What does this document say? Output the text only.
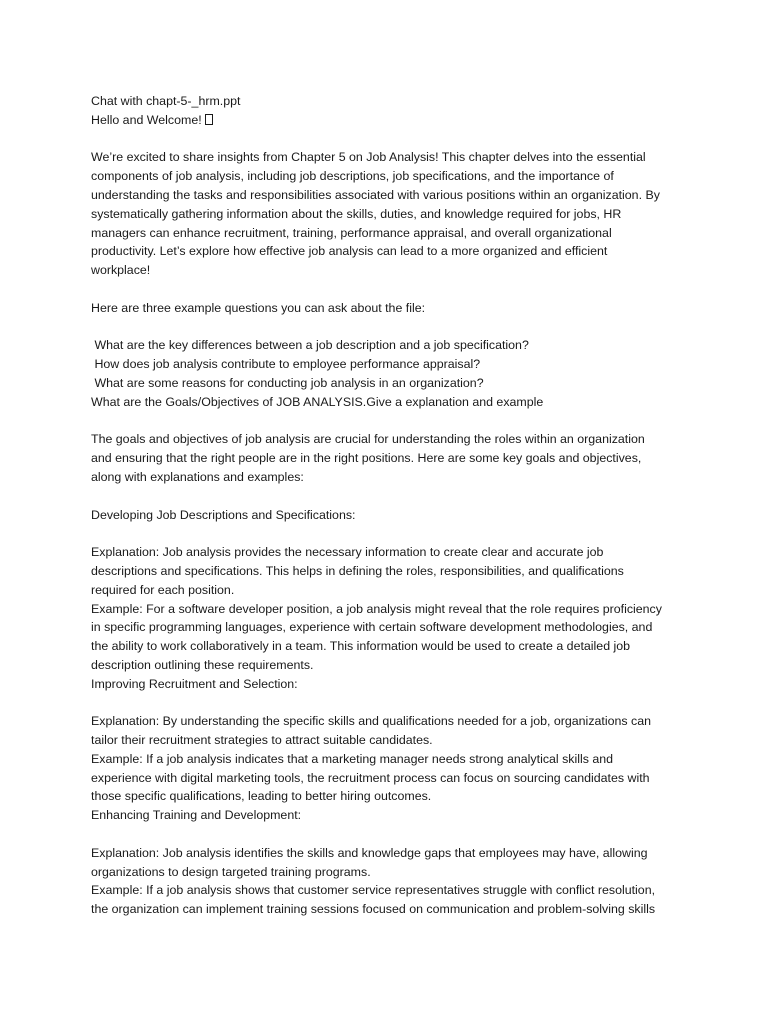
Chat with chapt-5-_hrm.ppt
Hello and Welcome!
We’re excited to share insights from Chapter 5 on Job Analysis! This chapter delves into the essential
components of job analysis, including job descriptions, job specifications, and the importance of
understanding the tasks and responsibilities associated with various positions within an organization. By
systematically gathering information about the skills, duties, and knowledge required for jobs, HR
managers can enhance recruitment, training, performance appraisal, and overall organizational
productivity. Let’s explore how effective job analysis can lead to a more organized and efficient
workplace!
Here are three example questions you can ask about the file:
What are the key differences between a job description and a job specification?
How does job analysis contribute to employee performance appraisal?
What are some reasons for conducting job analysis in an organization?
What are the Goals/Objectives of JOB ANALYSIS.Give a explanation and example
The goals and objectives of job analysis are crucial for understanding the roles within an organization
and ensuring that the right people are in the right positions. Here are some key goals and objectives,
along with explanations and examples:
Developing Job Descriptions and Specifications:
Explanation: Job analysis provides the necessary information to create clear and accurate job
descriptions and specifications. This helps in defining the roles, responsibilities, and qualifications
required for each position.
Example: For a software developer position, a job analysis might reveal that the role requires proficiency
in specific programming languages, experience with certain software development methodologies, and
the ability to work collaboratively in a team. This information would be used to create a detailed job
description outlining these requirements.
Improving Recruitment and Selection:
Explanation: By understanding the specific skills and qualifications needed for a job, organizations can
tailor their recruitment strategies to attract suitable candidates.
Example: If a job analysis indicates that a marketing manager needs strong analytical skills and
experience with digital marketing tools, the recruitment process can focus on sourcing candidates with
those specific qualifications, leading to better hiring outcomes.
Enhancing Training and Development:
Explanation: Job analysis identifies the skills and knowledge gaps that employees may have, allowing
organizations to design targeted training programs.
Example: If a job analysis shows that customer service representatives struggle with conflict resolution,
the organization can implement training sessions focused on communication and problem-solving skills
